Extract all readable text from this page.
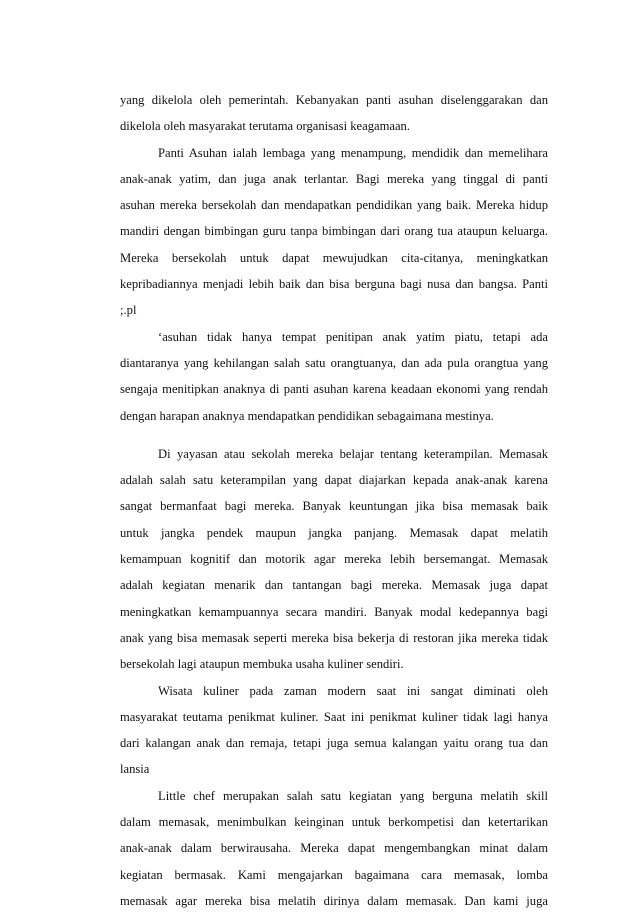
yang dikelola oleh pemerintah. Kebanyakan panti asuhan diselenggarakan dan
dikelola oleh masyarakat terutama organisasi keagamaan.
Panti Asuhan ialah lembaga yang menampung, mendidik dan memelihara
anak-anak yatim, dan juga anak terlantar. Bagi mereka yang tinggal di panti
asuhan mereka bersekolah dan mendapatkan pendidikan yang baik. Mereka hidup
mandiri dengan bimbingan guru tanpa bimbingan dari orang tua ataupun keluarga.
Mereka bersekolah untuk dapat mewujudkan cita-citanya, meningkatkan
kepribadiannya menjadi lebih baik dan bisa berguna bagi nusa dan bangsa. Panti
;.pl
‘asuhan tidak hanya tempat penitipan anak yatim piatu, tetapi ada
diantaranya yang kehilangan salah satu orangtuanya, dan ada pula orangtua yang
sengaja menitipkan anaknya di panti asuhan karena keadaan ekonomi yang rendah
dengan harapan anaknya mendapatkan pendidikan sebagaimana mestinya.
Di yayasan atau sekolah mereka belajar tentang keterampilan. Memasak
adalah salah satu keterampilan yang dapat diajarkan kepada anak-anak karena
sangat bermanfaat bagi mereka. Banyak keuntungan jika bisa memasak baik
untuk jangka pendek maupun jangka panjang. Memasak dapat melatih
kemampuan kognitif dan motorik agar mereka lebih bersemangat. Memasak
adalah kegiatan menarik dan tantangan bagi mereka. Memasak juga dapat
meningkatkan kemampuannya secara mandiri. Banyak modal kedepannya bagi
anak yang bisa memasak seperti mereka bisa bekerja di restoran jika mereka tidak
bersekolah lagi ataupun membuka usaha kuliner sendiri.
Wisata kuliner pada zaman modern saat ini sangat diminati oleh
masyarakat teutama penikmat kuliner. Saat ini penikmat kuliner tidak lagi hanya
dari kalangan anak dan remaja, tetapi juga semua kalangan yaitu orang tua dan
lansia
Little chef merupakan salah satu kegiatan yang berguna melatih skill
dalam memasak, menimbulkan keinginan untuk berkompetisi dan ketertarikan
anak-anak dalam berwirausaha. Mereka dapat mengembangkan minat dalam
kegiatan bermasak. Kami mengajarkan bagaimana cara memasak, lomba
memasak agar mereka bisa melatih dirinya dalam memasak. Dan kami juga
